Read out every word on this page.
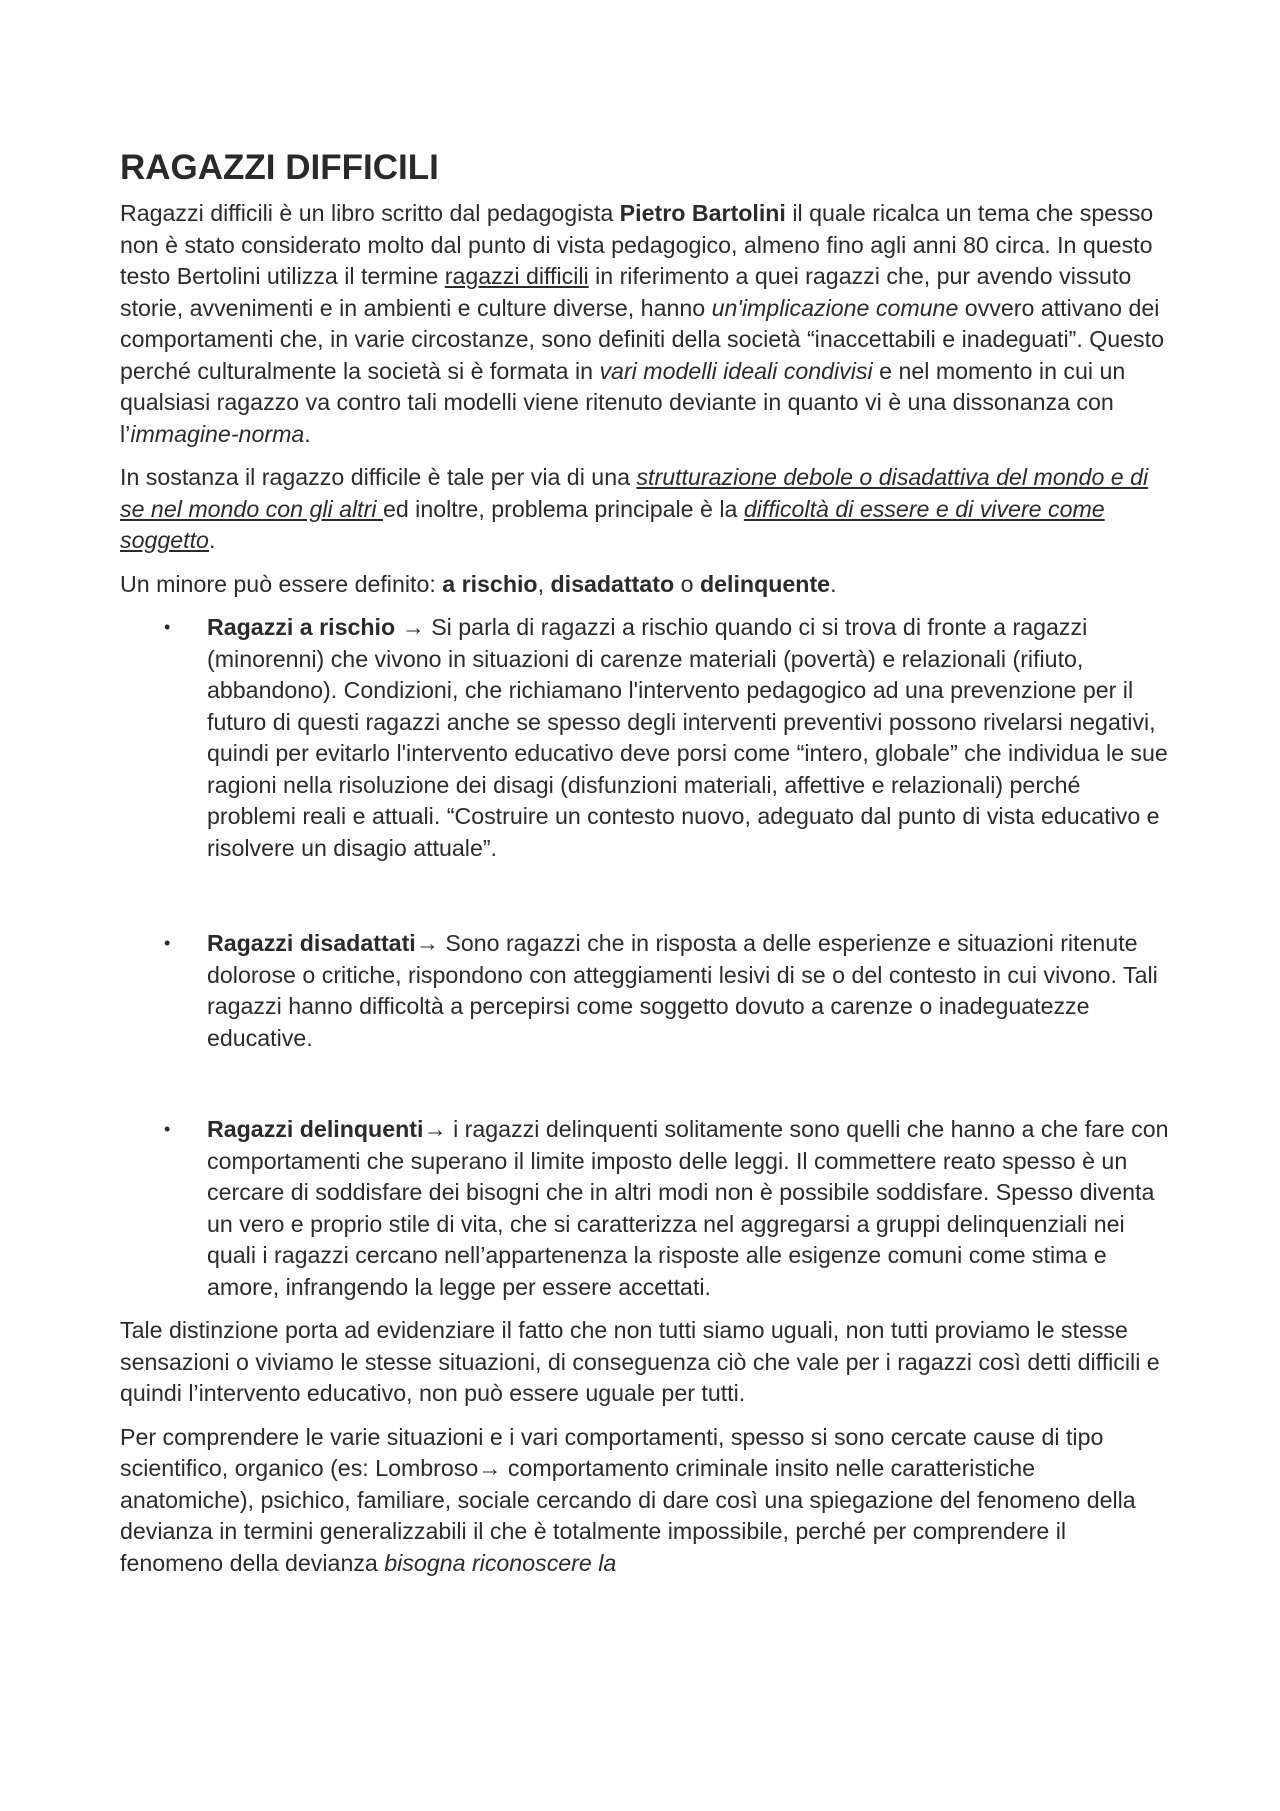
RAGAZZI DIFFICILI

Ragazzi difficili è un libro scritto dal pedagogista Pietro Bartolini il quale ricalca un tema che spesso non è stato considerato molto dal punto di vista pedagogico, almeno fino agli anni 80 circa. In questo testo Bertolini utilizza il termine ragazzi difficili in riferimento a quei ragazzi che, pur avendo vissuto storie, avvenimenti e in ambienti e culture diverse, hanno un'implicazione comune ovvero attivano dei comportamenti che, in varie circostanze, sono definiti della società “inaccettabili e inadeguati”. Questo perché culturalmente la società si è formata in vari modelli ideali condivisi e nel momento in cui un qualsiasi ragazzo va contro tali modelli viene ritenuto deviante in quanto vi è una dissonanza con l’immagine-norma.

In sostanza il ragazzo difficile è tale per via di una strutturazione debole o disadattiva del mondo e di se nel mondo con gli altri ed inoltre, problema principale è la difficoltà di essere e di vivere come soggetto.

Un minore può essere definito: a rischio, disadattato o delinquente.

• Ragazzi a rischio → Si parla di ragazzi a rischio quando ci si trova di fronte a ragazzi (minorenni) che vivono in situazioni di carenze materiali (povertà) e relazionali (rifiuto, abbandono). Condizioni, che richiamano l'intervento pedagogico ad una prevenzione per il futuro di questi ragazzi anche se spesso degli interventi preventivi possono rivelarsi negativi, quindi per evitarlo l'intervento educativo deve porsi come “intero, globale” che individua le sue ragioni nella risoluzione dei disagi (disfunzioni materiali, affettive e relazionali) perché problemi reali e attuali. “Costruire un contesto nuovo, adeguato dal punto di vista educativo e risolvere un disagio attuale”.
• Ragazzi disadattati→ Sono ragazzi che in risposta a delle esperienze e situazioni ritenute dolorose o critiche, rispondono con atteggiamenti lesivi di se o del contesto in cui vivono. Tali ragazzi hanno difficoltà a percepirsi come soggetto dovuto a carenze o inadeguatezze educative.
• Ragazzi delinquenti→ i ragazzi delinquenti solitamente sono quelli che hanno a che fare con comportamenti che superano il limite imposto delle leggi. Il commettere reato spesso è un cercare di soddisfare dei bisogni che in altri modi non è possibile soddisfare. Spesso diventa un vero e proprio stile di vita, che si caratterizza nel aggregarsi a gruppi delinquenziali nei quali i ragazzi cercano nell’appartenenza la risposte alle esigenze comuni come stima e amore, infrangendo la legge per essere accettati.

Tale distinzione porta ad evidenziare il fatto che non tutti siamo uguali, non tutti proviamo le stesse sensazioni o viviamo le stesse situazioni, di conseguenza ciò che vale per i ragazzi così detti difficili e quindi l’intervento educativo, non può essere uguale per tutti.

Per comprendere le varie situazioni e i vari comportamenti, spesso si sono cercate cause di tipo scientifico, organico (es: Lombroso→ comportamento criminale insito nelle caratteristiche anatomiche), psichico, familiare, sociale cercando di dare così una spiegazione del fenomeno della devianza in termini generalizzabili il che è totalmente impossibile, perché per comprendere il fenomeno della devianza bisogna riconoscere la
